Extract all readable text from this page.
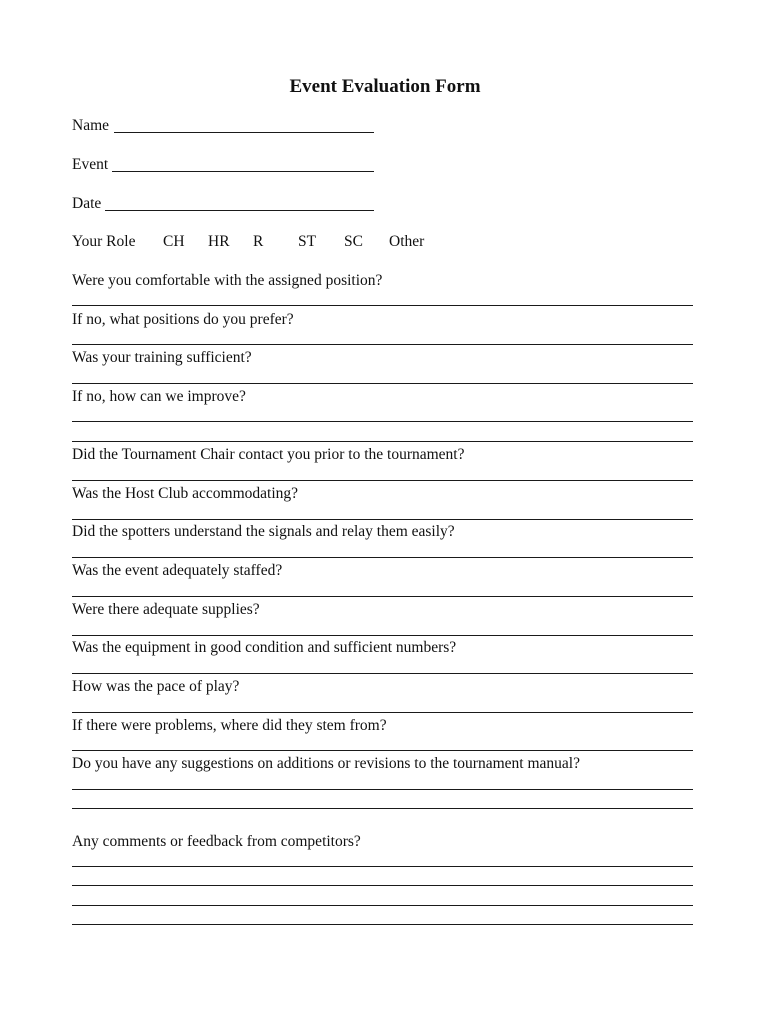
Event Evaluation Form
Name
Event
Date
Your Role CH HR R ST SC Other
Were you comfortable with the assigned position?
If no, what positions do you prefer?
Was your training sufficient?
If no, how can we improve?
Did the Tournament Chair contact you prior to the tournament?
Was the Host Club accommodating?
Did the spotters understand the signals and relay them easily?
Was the event adequately staffed?
Were there adequate supplies?
Was the equipment in good condition and sufficient numbers?
How was the pace of play?
If there were problems, where did they stem from?
Do you have any suggestions on additions or revisions to the tournament manual?
Any comments or feedback from competitors?
